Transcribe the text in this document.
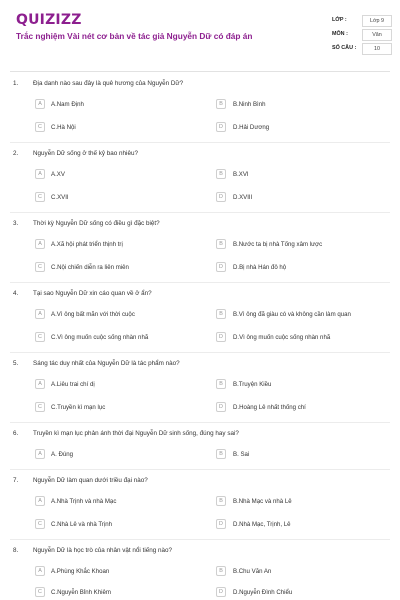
QUIZIZZ
Trắc nghiệm Vài nét cơ bản về tác giả Nguyễn Dữ có đáp án
LỚP :	Lớp 9
MÔN :	Văn
SỐ CÂU :	10
1. Địa danh nào sau đây là quê hương của Nguyễn Dữ?
A	A.Nam Định	B	B.Ninh Bình
C	C.Hà Nội	D	D.Hải Dương
2. Nguyễn Dữ sống ở thế kỷ bao nhiêu?
A	A.XV	B	B.XVI
C	C.XVII	D	D.XVIII
3. Thời kỳ Nguyễn Dữ sống có điều gì đặc biệt?
A	A.Xã hội phát triển thịnh trị	B	B.Nước ta bị nhà Tống xâm lược
C	C.Nội chiến diễn ra liên miên	D	D.Bị nhà Hán đô hộ
4. Tại sao Nguyễn Dữ xin cáo quan về ở ẩn?
A	A.Vì ông bất mãn với thời cuộc	B	B.Vì ông đã giàu có và không cần làm quan
C	C.Vì ông muốn cuộc sống nhàn nhã	D	D.Vì ông muốn cuộc sống nhàn nhã
5. Sáng tác duy nhất của Nguyễn Dữ là tác phẩm nào?
A	A.Liêu trai chí dị	B	B.Truyện Kiều
C	C.Truyền kì mạn lục	D	D.Hoàng Lê nhất thống chí
6. Truyền kì mạn lục phản ánh thời đại Nguyễn Dữ sinh sống, đúng hay sai?
A	A. Đúng	B	B. Sai
7. Nguyễn Dữ làm quan dưới triều đại nào?
A	A.Nhà Trịnh và nhà Mạc	B	B.Nhà Mạc và nhà Lê
C	C.Nhà Lê và nhà Trịnh	D	D.Nhà Mạc, Trịnh, Lê
8. Nguyễn Dữ là học trò của nhân vật nổi tiếng nào?
A	A.Phùng Khắc Khoan	B	B.Chu Văn An
C	C.Nguyễn Bỉnh Khiêm	D	D.Nguyễn Đình Chiểu
